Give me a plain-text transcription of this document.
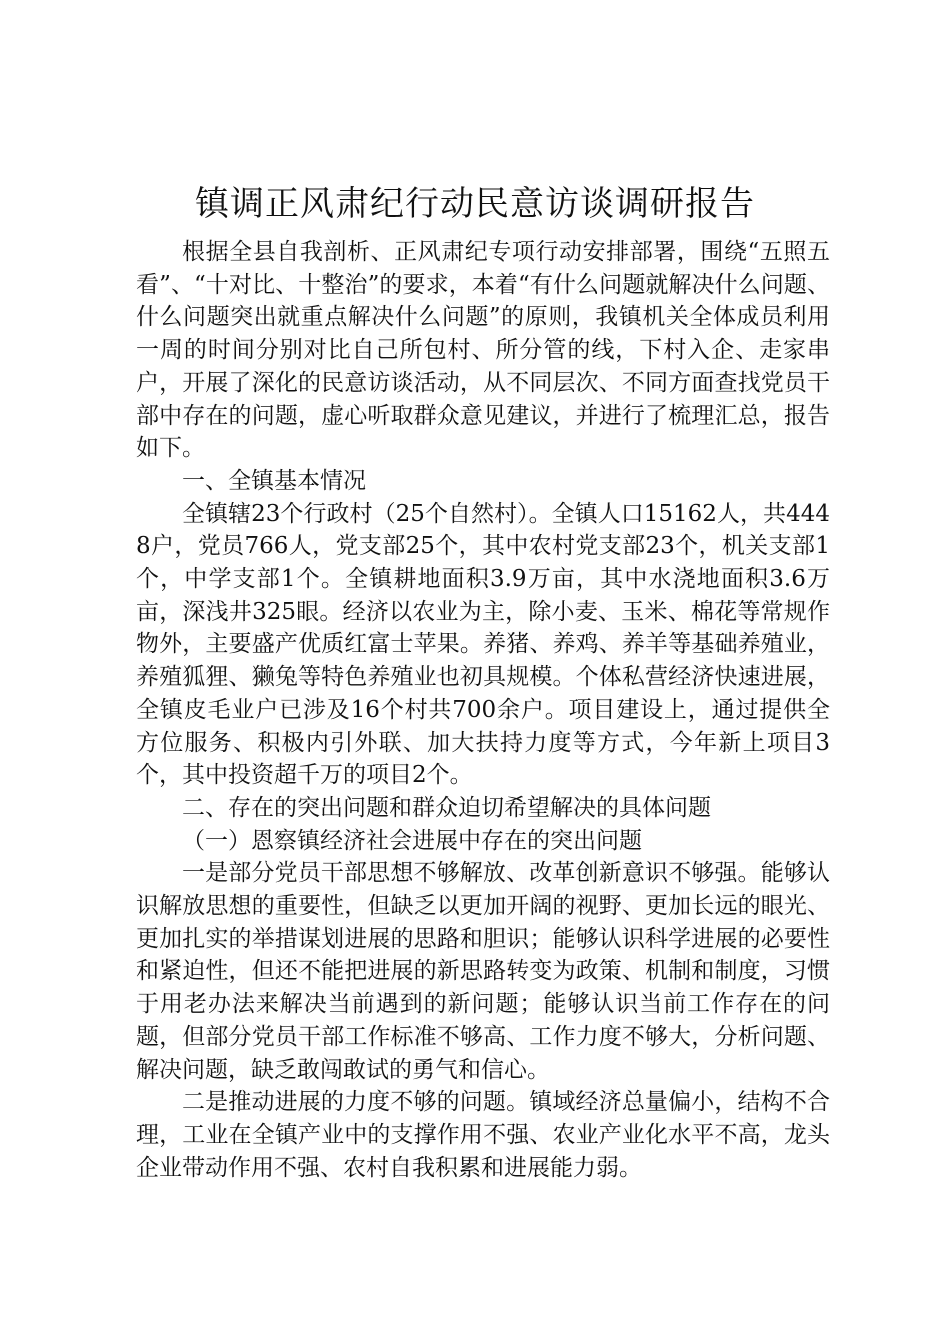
镇调正风肃纪行动民意访谈调研报告

根据全县自我剖析、正风肃纪专项行动安排部署，围绕“五照五看”、“十对比、十整治”的要求，本着“有什么问题就解决什么问题、什么问题突出就重点解决什么问题”的原则，我镇机关全体成员利用一周的时间分别对比自己所包村、所分管的线，下村入企、走家串户，开展了深化的民意访谈活动，从不同层次、不同方面查找党员干部中存在的问题，虚心听取群众意见建议，并进行了梳理汇总，报告如下。

一、全镇基本情况

全镇辖23个行政村（25个自然村）。全镇人口15162人，共4448户，党员766人，党支部25个，其中农村党支部23个，机关支部1个，中学支部1个。全镇耕地面积3.9万亩，其中水浇地面积3.6万亩，深浅井325眼。经济以农业为主，除小麦、玉米、棉花等常规作物外，主要盛产优质红富士苹果。养猪、养鸡、养羊等基础养殖业，养殖狐狸、獭兔等特色养殖业也初具规模。个体私营经济快速进展，全镇皮毛业户已涉及16个村共700余户。项目建设上，通过提供全方位服务、积极内引外联、加大扶持力度等方式，今年新上项目3个，其中投资超千万的项目2个。

二、存在的突出问题和群众迫切希望解决的具体问题

（一）恩察镇经济社会进展中存在的突出问题

一是部分党员干部思想不够解放、改革创新意识不够强。能够认识解放思想的重要性，但缺乏以更加开阔的视野、更加长远的眼光、更加扎实的举措谋划进展的思路和胆识；能够认识科学进展的必要性和紧迫性，但还不能把进展的新思路转变为政策、机制和制度，习惯于用老办法来解决当前遇到的新问题；能够认识当前工作存在的问题，但部分党员干部工作标准不够高、工作力度不够大，分析问题、解决问题，缺乏敢闯敢试的勇气和信心。

二是推动进展的力度不够的问题。镇域经济总量偏小，结构不合理，工业在全镇产业中的支撑作用不强、农业产业化水平不高，龙头企业带动作用不强、农村自我积累和进展能力弱。
